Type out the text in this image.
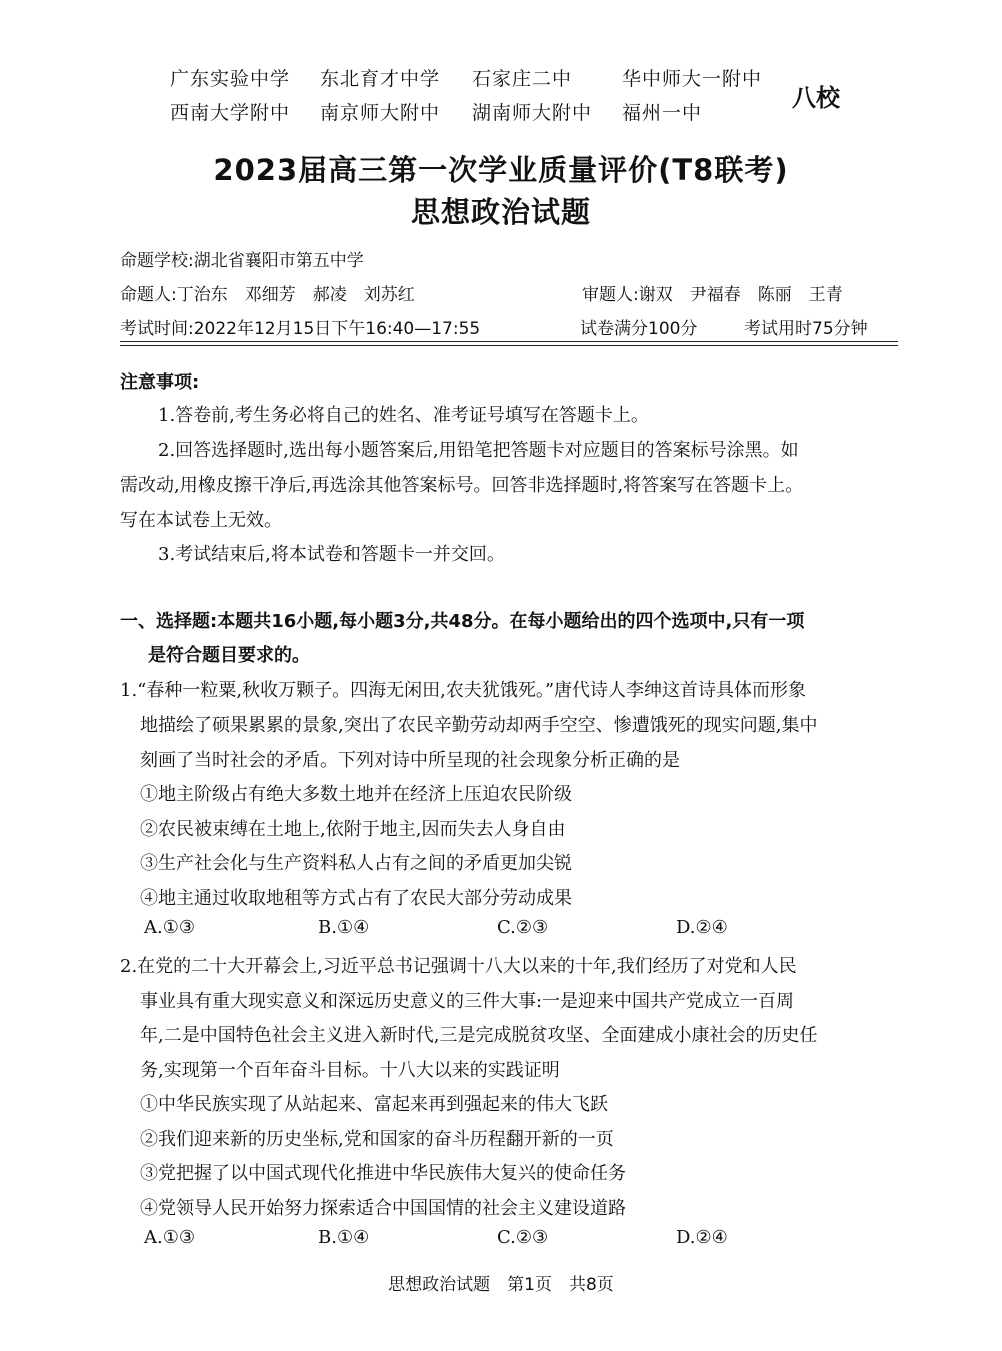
广东实验中学 东北育才中学 石家庄二中	华中师大一附中
西南大学附中 南京师大附中 湖南师大附中 福州一中
八校
2023届高三第一次学业质量评价(T8联考)
思想政治试题
命题学校:湖北省襄阳市第五中学
命题人:丁治东　邓细芳　郝凌　刘苏红	审题人:谢双　尹福春　陈丽　王青
考试时间:2022年12月15日下午16:40—17:55	试卷满分100分	考试用时75分钟
注意事项:
1.答卷前,考生务必将自己的姓名、准考证号填写在答题卡上。
2.回答选择题时,选出每小题答案后,用铅笔把答题卡对应题目的答案标号涂黑。如
需改动,用橡皮擦干净后,再选涂其他答案标号。回答非选择题时,将答案写在答题卡上。
写在本试卷上无效。
3.考试结束后,将本试卷和答题卡一并交回。
一、选择题:本题共16小题,每小题3分,共48分。在每小题给出的四个选项中,只有一项
是符合题目要求的。
1.“春种一粒粟,秋收万颗子。四海无闲田,农夫犹饿死。”唐代诗人李绅这首诗具体而形象
地描绘了硕果累累的景象,突出了农民辛勤劳动却两手空空、惨遭饿死的现实问题,集中
刻画了当时社会的矛盾。下列对诗中所呈现的社会现象分析正确的是
①地主阶级占有绝大多数土地并在经济上压迫农民阶级
②农民被束缚在土地上,依附于地主,因而失去人身自由
③生产社会化与生产资料私人占有之间的矛盾更加尖锐
④地主通过收取地租等方式占有了农民大部分劳动成果
A.①③	B.①④	C.②③	D.②④
2.在党的二十大开幕会上,习近平总书记强调十八大以来的十年,我们经历了对党和人民
事业具有重大现实意义和深远历史意义的三件大事:一是迎来中国共产党成立一百周
年,二是中国特色社会主义进入新时代,三是完成脱贫攻坚、全面建成小康社会的历史任
务,实现第一个百年奋斗目标。十八大以来的实践证明
①中华民族实现了从站起来、富起来再到强起来的伟大飞跃
②我们迎来新的历史坐标,党和国家的奋斗历程翻开新的一页
③党把握了以中国式现代化推进中华民族伟大复兴的使命任务
④党领导人民开始努力探索适合中国国情的社会主义建设道路
A.①③	B.①④	C.②③	D.②④
思想政治试题　第1页　共8页
